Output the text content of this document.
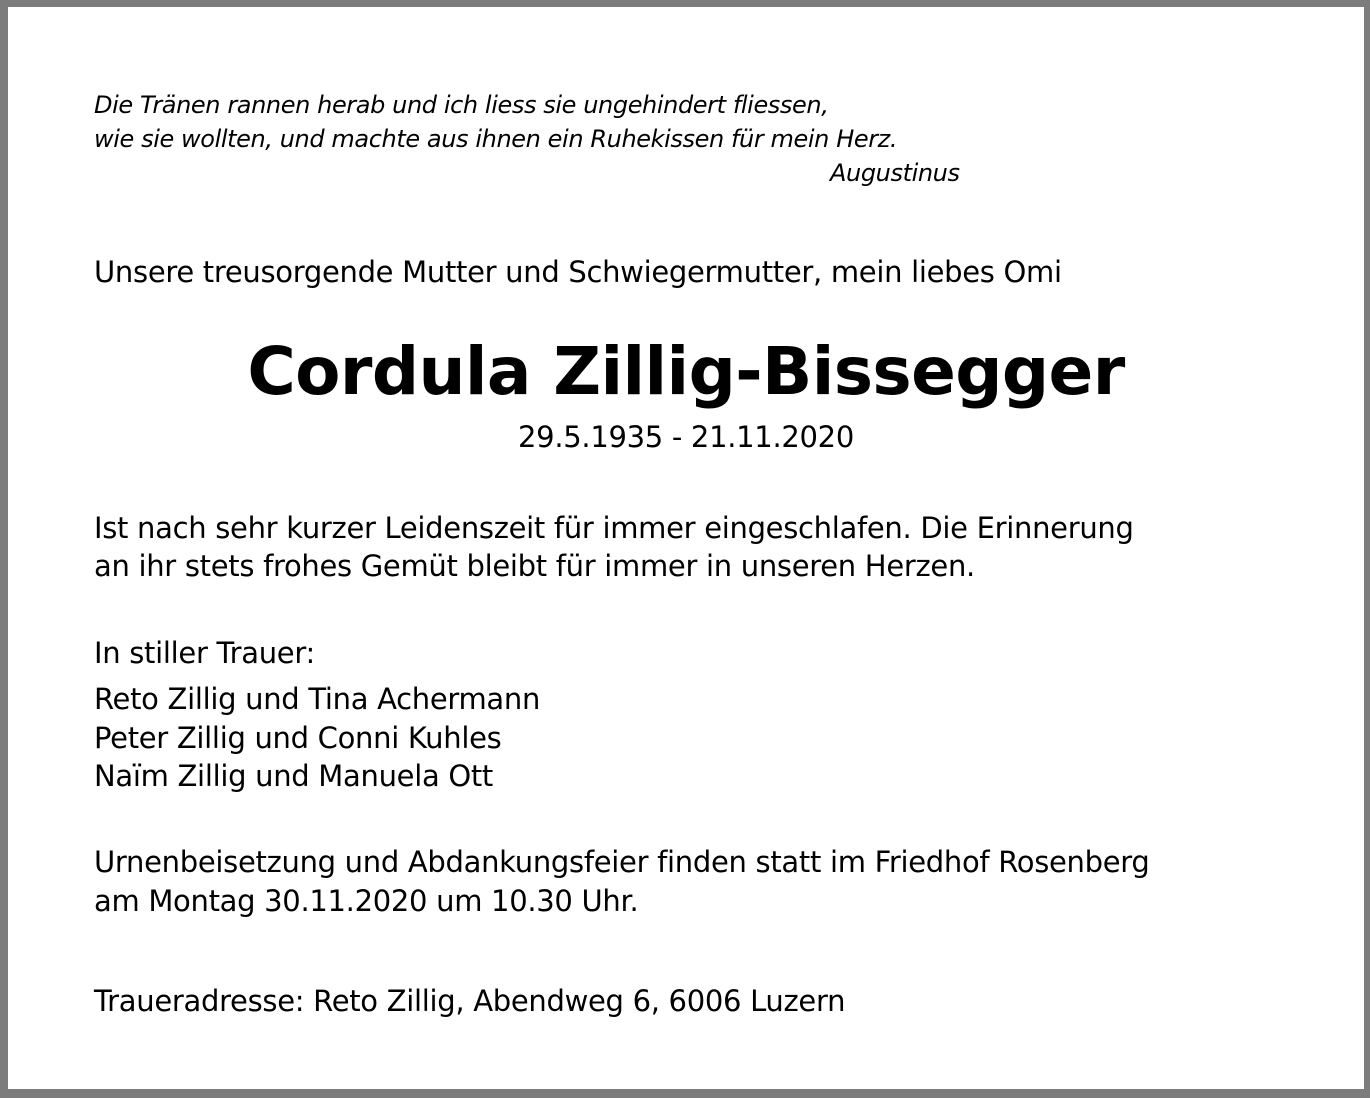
Die Tränen rannen herab und ich liess sie ungehindert fliessen,
wie sie wollten, und machte aus ihnen ein Ruhekissen für mein Herz.
Augustinus
Unsere treusorgende Mutter und Schwiegermutter, mein liebes Omi
Cordula Zillig-Bissegger
29.5.1935 - 21.11.2020
Ist nach sehr kurzer Leidenszeit für immer eingeschlafen. Die Erinnerung
an ihr stets frohes Gemüt bleibt für immer in unseren Herzen.
In stiller Trauer:
Reto Zillig und Tina Achermann
Peter Zillig und Conni Kuhles
Naïm Zillig und Manuela Ott
Urnenbeisetzung und Abdankungsfeier finden statt im Friedhof Rosenberg
am Montag 30.11.2020 um 10.30 Uhr.
Traueradresse: Reto Zillig, Abendweg 6, 6006 Luzern
